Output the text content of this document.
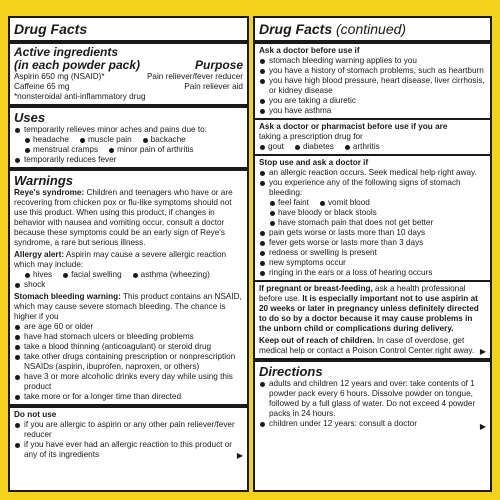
Drug Facts
Active ingredients
(in each powder pack)	Purpose
Aspirin 650 mg (NSAID)*	Pain reliever/fever reducer
Caffeine 65 mg	Pain reliever aid
*nonsteroidal anti-inflammatory drug
Uses
temporarily relieves minor aches and pains due to:
headache	muscle pain	backache
menstrual cramps	minor pain of arthritis
temporarily reduces fever
Warnings
Reye's syndrome: Children and teenagers who have or are recovering from chicken pox or flu-like symptoms should not use this product. When using this product, if changes in behavior with nausea and vomiting occur, consult a doctor because these symptoms could be an early sign of Reye's syndrome, a rare but serious illness.
Allergy alert: Aspirin may cause a severe allergic reaction which may include:
hives	facial swelling	asthma (wheezing)
shock
Stomach bleeding warning: This product contains an NSAID, which may cause severe stomach bleeding. The chance is higher if you
are age 60 or older
have had stomach ulcers or bleeding problems
take a blood thinning (anticoagulant) or steroid drug
take other drugs containing prescription or nonprescription NSAIDs (aspirin, ibuprofen, naproxen, or others)
have 3 or more alcoholic drinks every day while using this product
take more or for a longer time than directed
Do not use
if you are allergic to aspirin or any other pain reliever/fever reducer
if you have ever had an allergic reaction to this product or any of its ingredients	▶
Drug Facts (continued)
Ask a doctor before use if
stomach bleeding warning applies to you
you have a history of stomach problems, such as heartburn
you have high blood pressure, heart disease, liver cirrhosis, or kidney disease
you are taking a diuretic
you have asthma
Ask a doctor or pharmacist before use if you are
taking a prescription drug for
gout	diabetes	arthritis
Stop use and ask a doctor if
an allergic reaction occurs. Seek medical help right away.
you experience any of the following signs of stomach bleeding:
feel faint	vomit blood
have bloody or black stools
have stomach pain that does not get better
pain gets worse or lasts more than 10 days
fever gets worse or lasts more than 3 days
redness or swelling is present
new symptoms occur
ringing in the ears or a loss of hearing occurs
If pregnant or breast-feeding, ask a health professional before use. It is especially important not to use aspirin at 20 weeks or later in pregnancy unless definitely directed to do so by a doctor because it may cause problems in the unborn child or complications during delivery.
Keep out of reach of children. In case of overdose, get medical help or contact a Poison Control Center right away. ▶
Directions
adults and children 12 years and over: take contents of 1 powder pack every 6 hours. Dissolve powder on tongue, followed by a full glass of water. Do not exceed 4 powder packs in 24 hours.
children under 12 years: consult a doctor	▶
